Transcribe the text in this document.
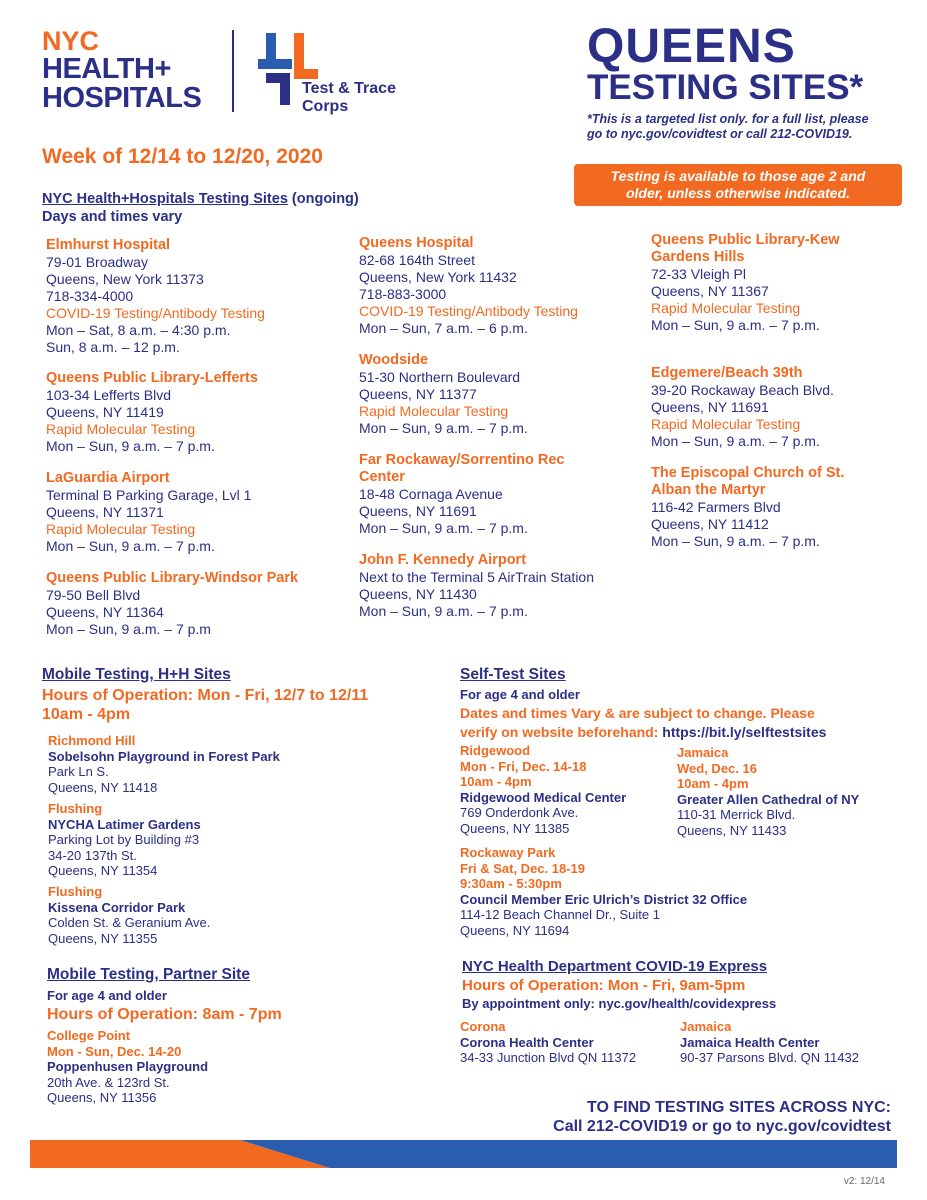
NYC
HEALTH+
HOSPITALS	Test & Trace
Corps
QUEENS
TESTING SITES*
*This is a targeted list only. for a full list, please
go to nyc.gov/covidtest or call 212-COVID19.
Testing is available to those age 2 and
older, unless otherwise indicated.
Week of 12/14 to 12/20, 2020
NYC Health+Hospitals Testing Sites (ongoing)
Days and times vary
Elmhurst Hospital
79-01 Broadway
Queens, New York 11373
718-334-4000
COVID-19 Testing/Antibody Testing
Mon – Sat, 8 a.m. – 4:30 p.m.
Sun, 8 a.m. – 12 p.m.
Queens Public Library-Lefferts
103-34 Lefferts Blvd
Queens, NY 11419
Rapid Molecular Testing
Mon – Sun, 9 a.m. – 7 p.m.
LaGuardia Airport
Terminal B Parking Garage, Lvl 1
Queens, NY 11371
Rapid Molecular Testing
Mon – Sun, 9 a.m. – 7 p.m.
Queens Public Library-Windsor Park
79-50 Bell Blvd
Queens, NY 11364
Mon – Sun, 9 a.m. – 7 p.m
Queens Hospital
82-68 164th Street
Queens, New York 11432
718-883-3000
COVID-19 Testing/Antibody Testing
Mon – Sun, 7 a.m. – 6 p.m.
Woodside
51-30 Northern Boulevard
Queens, NY 11377
Rapid Molecular Testing
Mon – Sun, 9 a.m. – 7 p.m.
Far Rockaway/Sorrentino Rec
Center
18-48 Cornaga Avenue
Queens, NY 11691
Mon – Sun, 9 a.m. – 7 p.m.
John F. Kennedy Airport
Next to the Terminal 5 AirTrain Station
Queens, NY 11430
Mon – Sun, 9 a.m. – 7 p.m.
Queens Public Library-Kew
Gardens Hills
72-33 Vleigh Pl
Queens, NY 11367
Rapid Molecular Testing
Mon – Sun, 9 a.m. – 7 p.m.
Edgemere/Beach 39th
39-20 Rockaway Beach Blvd.
Queens, NY 11691
Rapid Molecular Testing
Mon – Sun, 9 a.m. – 7 p.m.
The Episcopal Church of St.
Alban the Martyr
116-42 Farmers Blvd
Queens, NY 11412
Mon – Sun, 9 a.m. – 7 p.m.
Mobile Testing, H+H Sites
Hours of Operation: Mon - Fri, 12/7 to 12/11
10am - 4pm
Richmond Hill
Sobelsohn Playground in Forest Park
Park Ln S.
Queens, NY 11418
Flushing
NYCHA Latimer Gardens
Parking Lot by Building #3
34-20 137th St.
Queens, NY 11354
Flushing
Kissena Corridor Park
Colden St. & Geranium Ave.
Queens, NY 11355
Mobile Testing, Partner Site
For age 4 and older
Hours of Operation: 8am - 7pm
College Point
Mon - Sun, Dec. 14-20
Poppenhusen Playground
20th Ave. & 123rd St.
Queens, NY 11356
Self-Test Sites
For age 4 and older
Dates and times Vary & are subject to change. Please
verify on website beforehand: https://bit.ly/selftestsites
Ridgewood
Mon - Fri, Dec. 14-18
10am - 4pm
Ridgewood Medical Center
769 Onderdonk Ave.
Queens, NY 11385
Jamaica
Wed, Dec. 16
10am - 4pm
Greater Allen Cathedral of NY
110-31 Merrick Blvd.
Queens, NY 11433
Rockaway Park
Fri & Sat, Dec. 18-19
9:30am - 5:30pm
Council Member Eric Ulrich’s District 32 Office
114-12 Beach Channel Dr., Suite 1
Queens, NY 11694
NYC Health Department COVID-19 Express
Hours of Operation: Mon - Fri, 9am-5pm
By appointment only: nyc.gov/health/covidexpress
Corona
Corona Health Center
34-33 Junction Blvd QN 11372
Jamaica
Jamaica Health Center
90-37 Parsons Blvd. QN 11432
TO FIND TESTING SITES ACROSS NYC:
Call 212-COVID19 or go to nyc.gov/covidtest
v2: 12/14
